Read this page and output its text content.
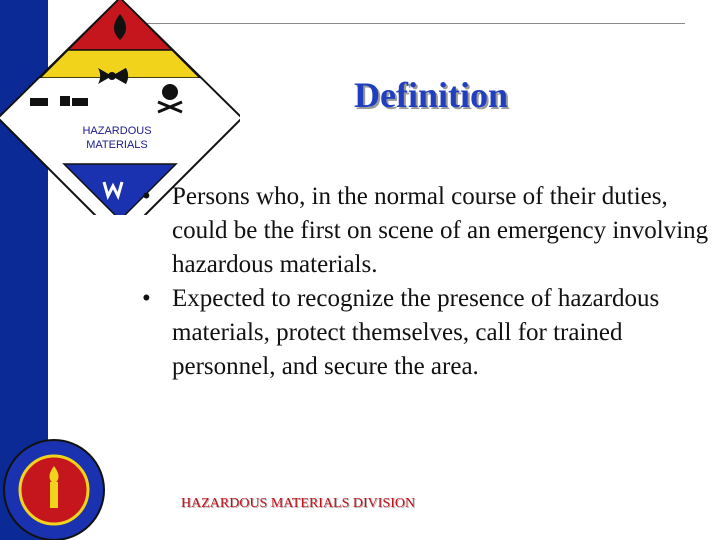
HAZARDOUS
MATERIALS
Definition
• Persons who, in the normal course of their duties, could be the first on scene of an emergency involving hazardous materials.
• Expected to recognize the presence of hazardous materials, protect themselves, call for trained personnel, and secure the area.
HAZARDOUS MATERIALS DIVISION
